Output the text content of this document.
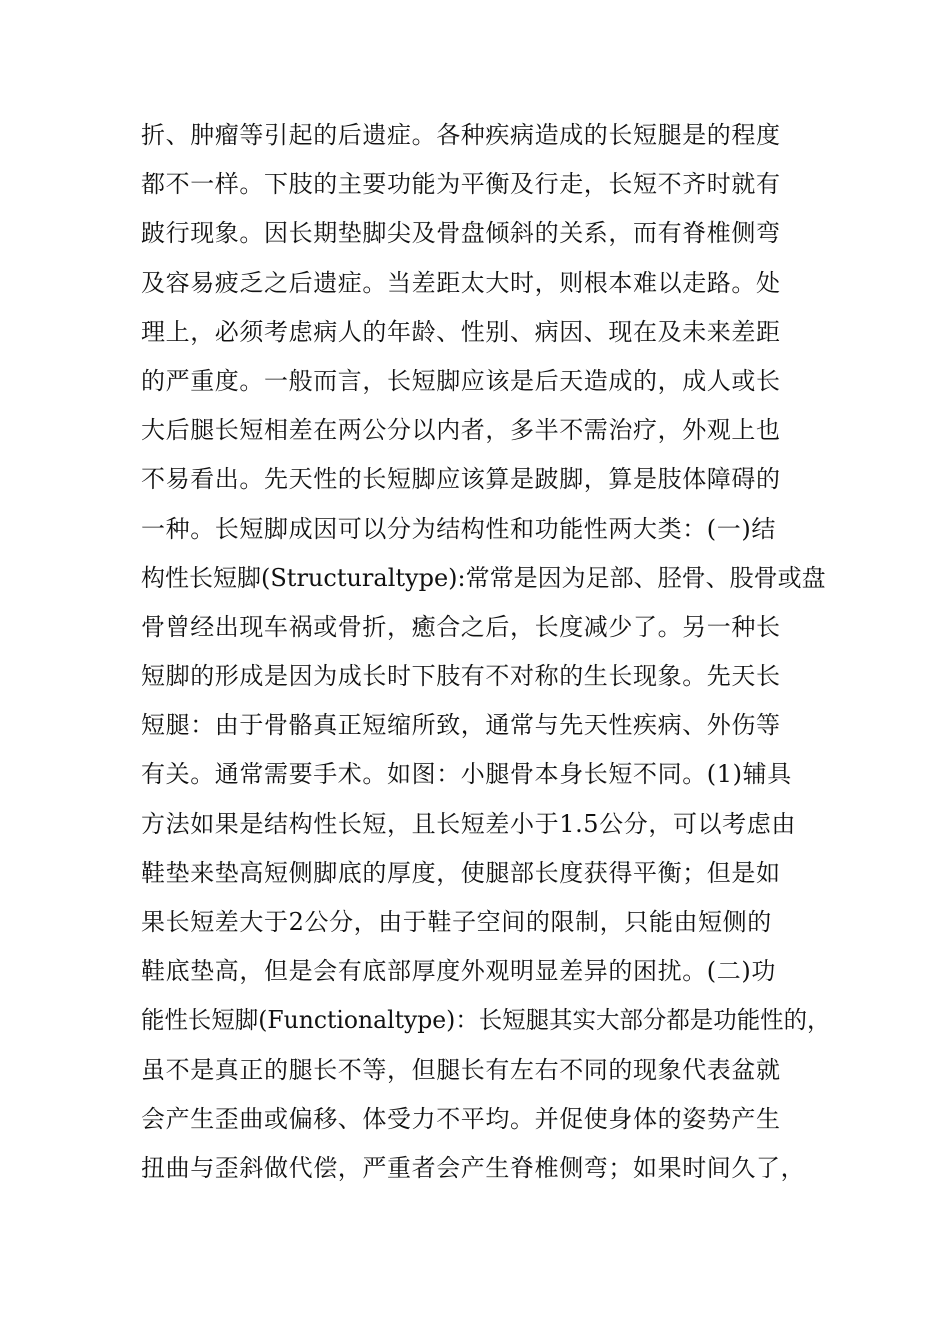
折、肿瘤等引起的后遗症。各种疾病造成的长短腿是的程度
都不一样。下肢的主要功能为平衡及行走，长短不齐时就有
跛行现象。因长期垫脚尖及骨盘倾斜的关系，而有脊椎侧弯
及容易疲乏之后遗症。当差距太大时，则根本难以走路。处
理上，必须考虑病人的年龄、性别、病因、现在及未来差距
的严重度。一般而言，长短脚应该是后天造成的，成人或长
大后腿长短相差在两公分以内者，多半不需治疗，外观上也
不易看出。先天性的长短脚应该算是跛脚，算是肢体障碍的
一种。长短脚成因可以分为结构性和功能性两大类：(一)结
构性长短脚(Structuraltype):常常是因为足部、胫骨、股骨或盘
骨曾经出现车祸或骨折，癒合之后，长度减少了。另一种长
短脚的形成是因为成长时下肢有不对称的生长现象。先天长
短腿：由于骨骼真正短缩所致，通常与先天性疾病、外伤等
有关。通常需要手术。如图：小腿骨本身长短不同。(1)辅具
方法如果是结构性长短，且长短差小于1.5公分，可以考虑由
鞋垫来垫高短侧脚底的厚度，使腿部长度获得平衡；但是如
果长短差大于2公分，由于鞋子空间的限制，只能由短侧的
鞋底垫高，但是会有底部厚度外观明显差异的困扰。(二)功
能性长短脚(Functionaltype)：长短腿其实大部分都是功能性的，
虽不是真正的腿长不等，但腿长有左右不同的现象代表盆就
会产生歪曲或偏移、体受力不平均。并促使身体的姿势产生
扭曲与歪斜做代偿，严重者会产生脊椎侧弯；如果时间久了，
